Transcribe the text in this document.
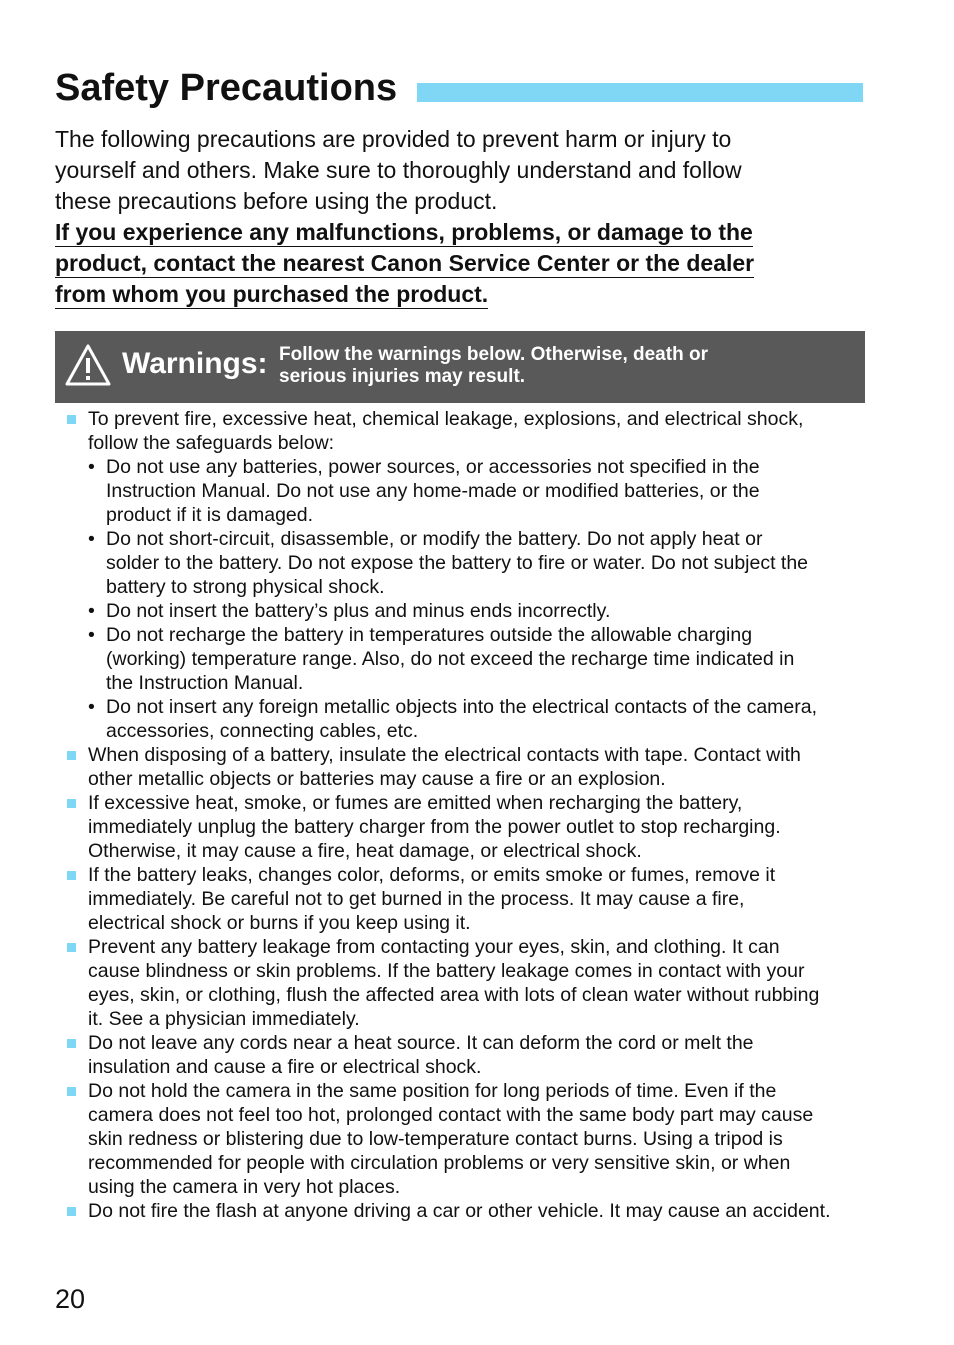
Safety Precautions

The following precautions are provided to prevent harm or injury to
yourself and others. Make sure to thoroughly understand and follow
these precautions before using the product.

If you experience any malfunctions, problems, or damage to the
product, contact the nearest Canon Service Center or the dealer
from whom you purchased the product.

Warnings: Follow the warnings below. Otherwise, death or
serious injuries may result.
To prevent fire, excessive heat, chemical leakage, explosions, and electrical shock,
follow the safeguards below:
• Do not use any batteries, power sources, or accessories not specified in the
Instruction Manual. Do not use any home-made or modified batteries, or the
product if it is damaged.
• Do not short-circuit, disassemble, or modify the battery. Do not apply heat or
solder to the battery. Do not expose the battery to fire or water. Do not subject the
battery to strong physical shock.
• Do not insert the battery’s plus and minus ends incorrectly.
• Do not recharge the battery in temperatures outside the allowable charging
(working) temperature range. Also, do not exceed the recharge time indicated in
the Instruction Manual.
• Do not insert any foreign metallic objects into the electrical contacts of the camera,
accessories, connecting cables, etc.
When disposing of a battery, insulate the electrical contacts with tape. Contact with
other metallic objects or batteries may cause a fire or an explosion.
If excessive heat, smoke, or fumes are emitted when recharging the battery,
immediately unplug the battery charger from the power outlet to stop recharging.
Otherwise, it may cause a fire, heat damage, or electrical shock.
If the battery leaks, changes color, deforms, or emits smoke or fumes, remove it
immediately. Be careful not to get burned in the process. It may cause a fire,
electrical shock or burns if you keep using it.
Prevent any battery leakage from contacting your eyes, skin, and clothing. It can
cause blindness or skin problems. If the battery leakage comes in contact with your
eyes, skin, or clothing, flush the affected area with lots of clean water without rubbing
it. See a physician immediately.
Do not leave any cords near a heat source. It can deform the cord or melt the
insulation and cause a fire or electrical shock.
Do not hold the camera in the same position for long periods of time. Even if the
camera does not feel too hot, prolonged contact with the same body part may cause
skin redness or blistering due to low-temperature contact burns. Using a tripod is
recommended for people with circulation problems or very sensitive skin, or when
using the camera in very hot places.
Do not fire the flash at anyone driving a car or other vehicle. It may cause an accident.
20
